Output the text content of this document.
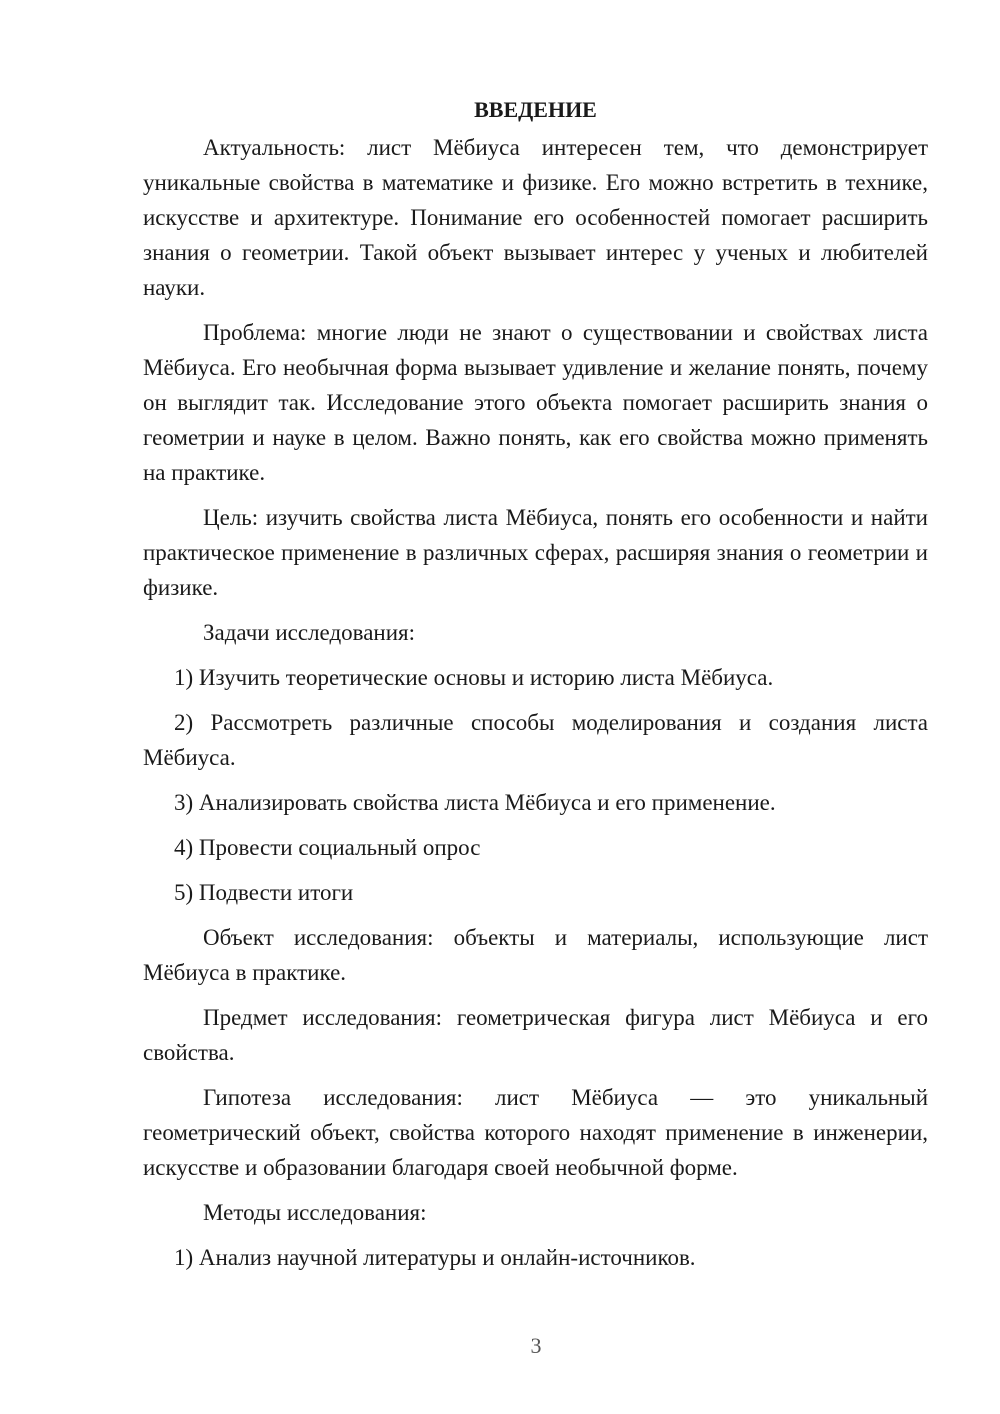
ВВЕДЕНИЕ

Актуальность: лист Мёбиуса интересен тем, что демонстрирует уникальные свойства в математике и физике. Его можно встретить в технике, искусстве и архитектуре. Понимание его особенностей помогает расширить знания о геометрии. Такой объект вызывает интерес у ученых и любителей науки.

Проблема: многие люди не знают о существовании и свойствах листа Мёбиуса. Его необычная форма вызывает удивление и желание понять, почему он выглядит так. Исследование этого объекта помогает расширить знания о геометрии и науке в целом. Важно понять, как его свойства можно применять на практике.

Цель: изучить свойства листа Мёбиуса, понять его особенности и найти практическое применение в различных сферах, расширяя знания о геометрии и физике.

Задачи исследования:

1) Изучить теоретические основы и историю листа Мёбиуса.

2) Рассмотреть различные способы моделирования и создания листа Мёбиуса.

3) Анализировать свойства листа Мёбиуса и его применение.

4) Провести социальный опрос

5) Подвести итоги

Объект исследования: объекты и материалы, использующие лист Мёбиуса в практике.

Предмет исследования: геометрическая фигура лист Мёбиуса и его свойства.

Гипотеза исследования: лист Мёбиуса — это уникальный геометрический объект, свойства которого находят применение в инженерии, искусстве и образовании благодаря своей необычной форме.

Методы исследования:

1) Анализ научной литературы и онлайн-источников.

3
